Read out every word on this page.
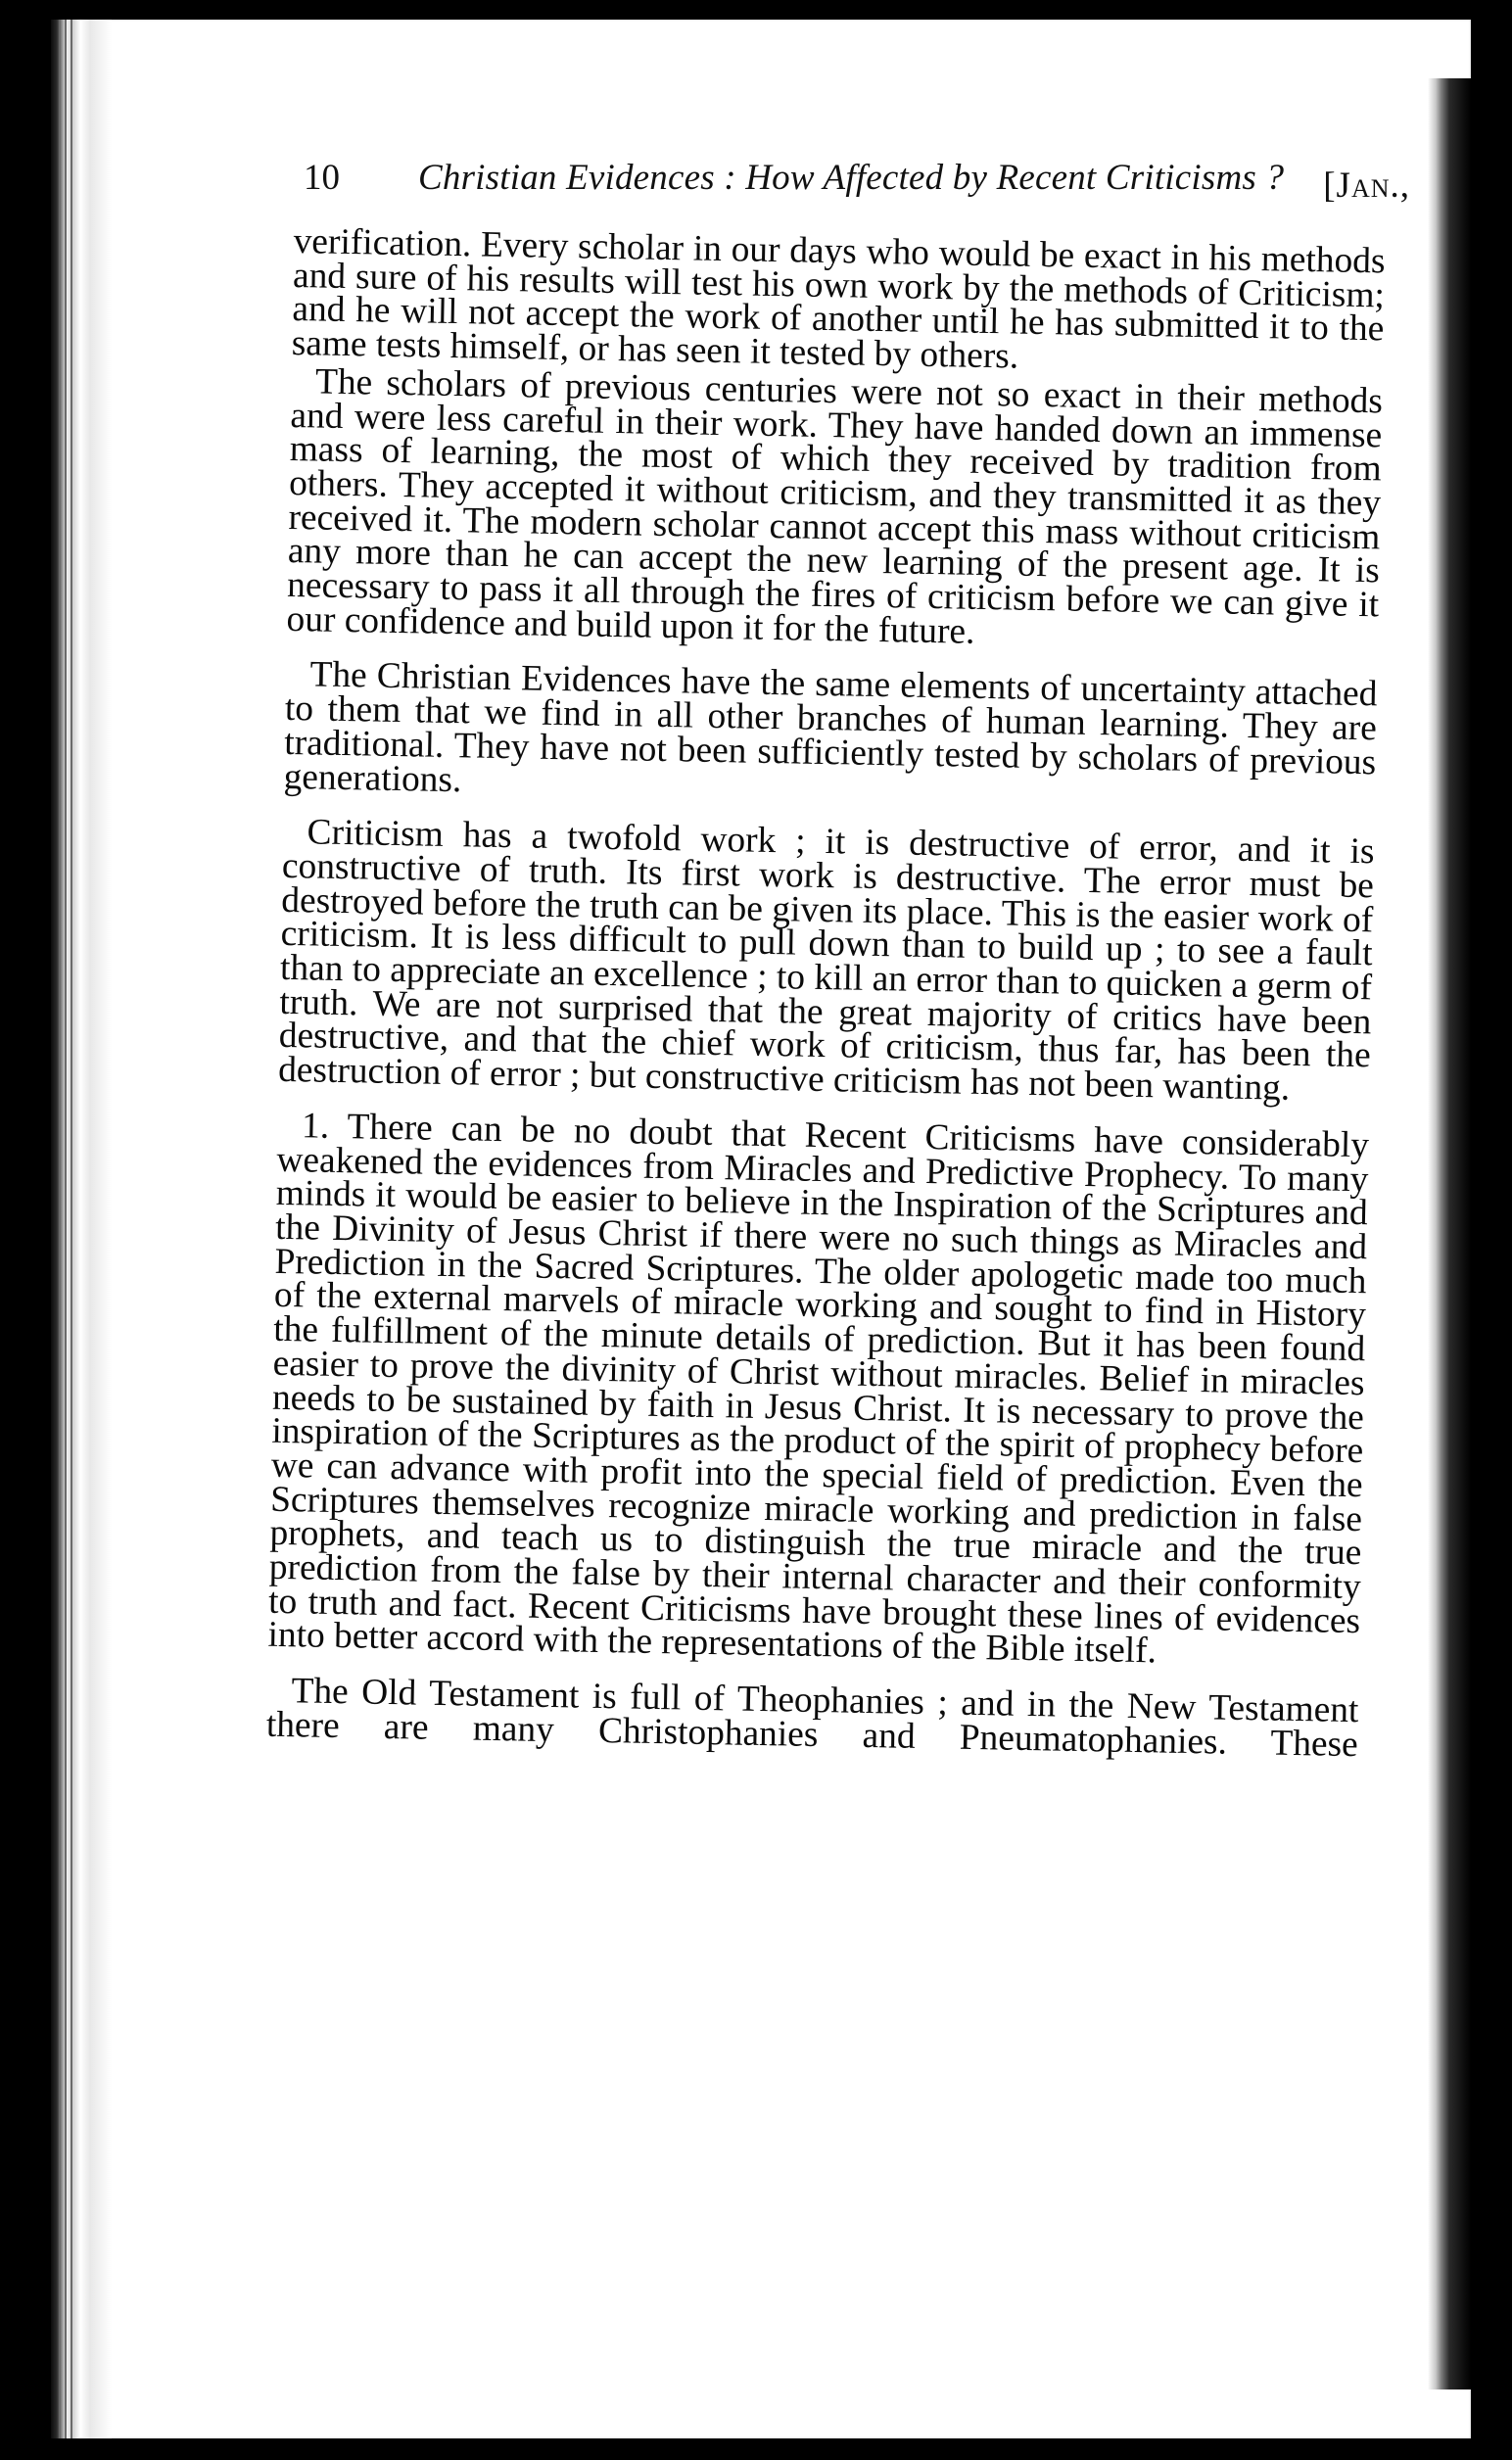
10 Christian Evidences : How Affected by Recent Criticisms ? [Jan.,

verification. Every scholar in our days who would be exact in his methods and sure of his results will test his own work by the methods of Criticism; and he will not accept the work of another until he has submitted it to the same tests himself, or has seen it tested by others.

The scholars of previous centuries were not so exact in their methods and were less careful in their work. They have handed down an immense mass of learning, the most of which they received by tradition from others. They accepted it without criticism, and they transmitted it as they received it. The modern scholar cannot accept this mass without criticism any more than he can accept the new learning of the present age. It is necessary to pass it all through the fires of criticism before we can give it our confidence and build upon it for the future.

The Christian Evidences have the same elements of uncertainty attached to them that we find in all other branches of human learning. They are traditional. They have not been sufficiently tested by scholars of previous generations.

Criticism has a twofold work ; it is destructive of error, and it is constructive of truth. Its first work is destructive. The error must be destroyed before the truth can be given its place. This is the easier work of criticism. It is less difficult to pull down than to build up ; to see a fault than to appreciate an excellence ; to kill an error than to quicken a germ of truth. We are not surprised that the great majority of critics have been destructive, and that the chief work of criticism, thus far, has been the destruction of error ; but constructive criticism has not been wanting.

1. There can be no doubt that Recent Criticisms have considerably weakened the evidences from Miracles and Predictive Prophecy. To many minds it would be easier to believe in the Inspiration of the Scriptures and the Divinity of Jesus Christ if there were no such things as Miracles and Prediction in the Sacred Scriptures. The older apologetic made too much of the external marvels of miracle working and sought to find in History the fulfillment of the minute details of prediction. But it has been found easier to prove the divinity of Christ without miracles. Belief in miracles needs to be sustained by faith in Jesus Christ. It is necessary to prove the inspiration of the Scriptures as the product of the spirit of prophecy before we can advance with profit into the special field of prediction. Even the Scriptures themselves recognize miracle working and prediction in false prophets, and teach us to distinguish the true miracle and the true prediction from the false by their internal character and their conformity to truth and fact. Recent Criticisms have brought these lines of evidences into better accord with the representations of the Bible itself.

The Old Testament is full of Theophanies ; and in the New Testament there are many Christophanies and Pneumatophanies. These
